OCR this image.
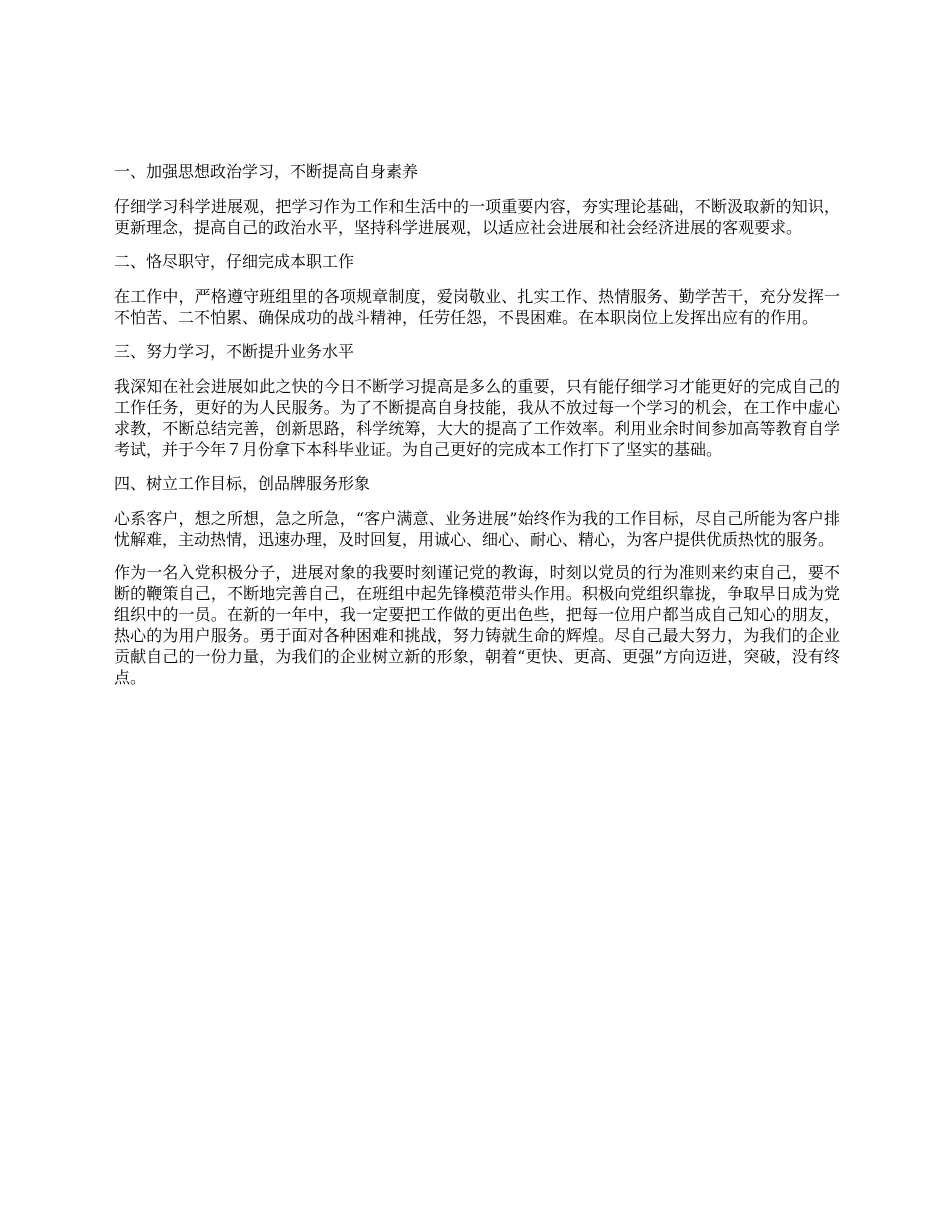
一、加强思想政治学习，不断提高自身素养
仔细学习科学进展观，把学习作为工作和生活中的一项重要内容，夯实理论基础，不断汲取新的知识，更新理念，提高自己的政治水平，坚持科学进展观，以适应社会进展和社会经济进展的客观要求。
二、恪尽职守，仔细完成本职工作
在工作中，严格遵守班组里的各项规章制度，爱岗敬业、扎实工作、热情服务、勤学苦干，充分发挥一不怕苦、二不怕累、确保成功的战斗精神，任劳任怨，不畏困难。在本职岗位上发挥出应有的作用。
三、努力学习，不断提升业务水平
我深知在社会进展如此之快的今日不断学习提高是多么的重要，只有能仔细学习才能更好的完成自己的工作任务，更好的为人民服务。为了不断提高自身技能，我从不放过每一个学习的机会，在工作中虚心求教，不断总结完善，创新思路，科学统筹，大大的提高了工作效率。利用业余时间参加高等教育自学考试，并于今年７月份拿下本科毕业证。为自己更好的完成本工作打下了坚实的基础。
四、树立工作目标，创品牌服务形象
心系客户，想之所想，急之所急，“客户满意、业务进展”始终作为我的工作目标，尽自己所能为客户排忧解难，主动热情，迅速办理，及时回复，用诚心、细心、耐心、精心，为客户提供优质热忱的服务。
作为一名入党积极分子，进展对象的我要时刻谨记党的教诲，时刻以党员的行为准则来约束自己，要不断的鞭策自己，不断地完善自己，在班组中起先锋模范带头作用。积极向党组织靠拢，争取早日成为党组织中的一员。在新的一年中，我一定要把工作做的更出色些，把每一位用户都当成自己知心的朋友，热心的为用户服务。勇于面对各种困难和挑战，努力铸就生命的辉煌。尽自己最大努力，为我们的企业贡献自己的一份力量，为我们的企业树立新的形象，朝着“更快、更高、更强”方向迈进，突破，没有终点。
